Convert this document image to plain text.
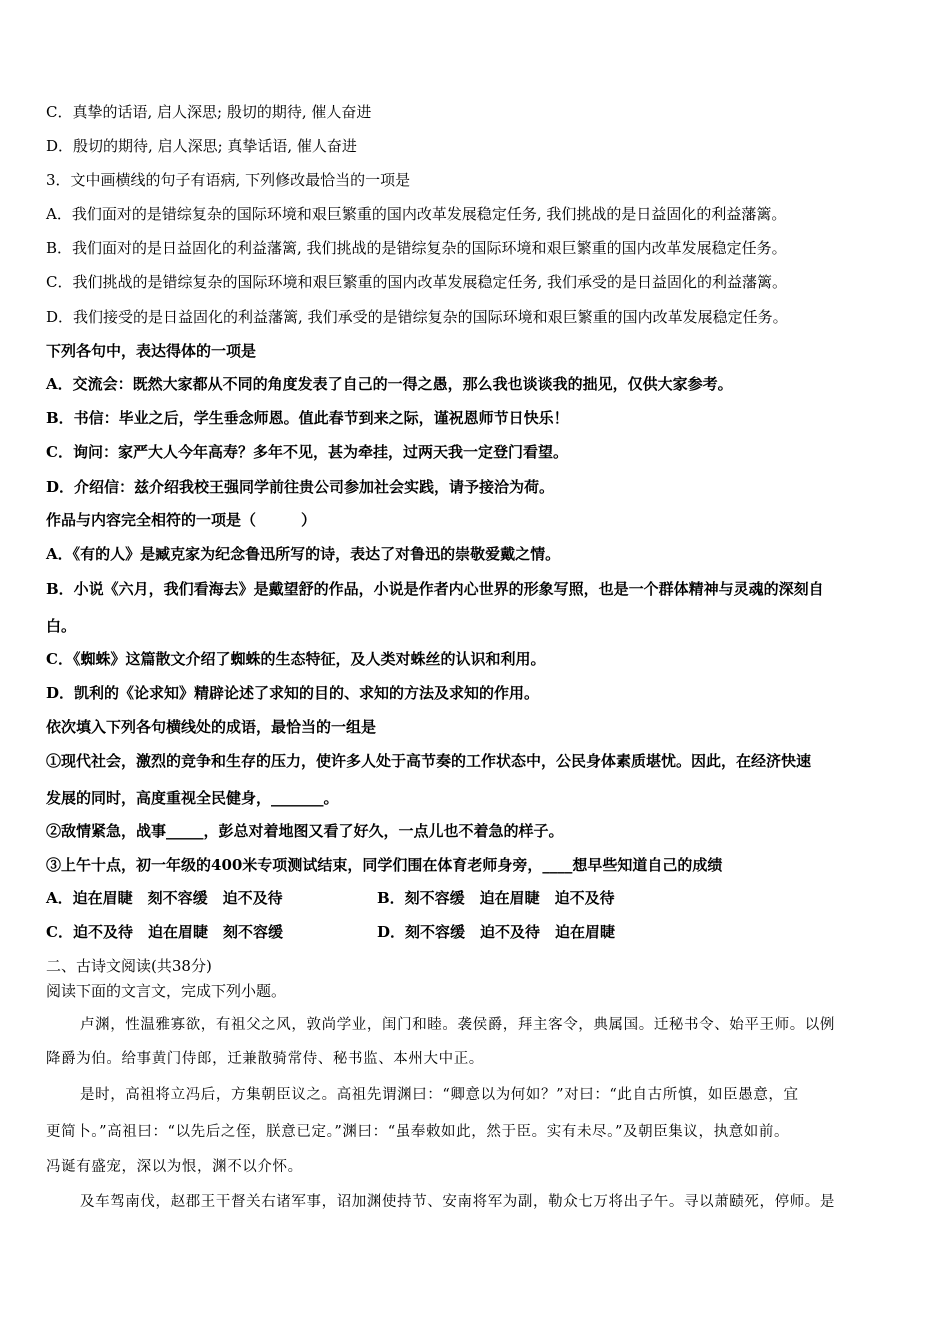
C．真挚的话语, 启人深思; 殷切的期待, 催人奋进
D．殷切的期待, 启人深思; 真挚话语, 催人奋进
3．文中画横线的句子有语病, 下列修改最恰当的一项是
A．我们面对的是错综复杂的国际环境和艰巨繁重的国内改革发展稳定任务, 我们挑战的是日益固化的利益藩篱。
B．我们面对的是日益固化的利益藩篱, 我们挑战的是错综复杂的国际环境和艰巨繁重的国内改革发展稳定任务。
C．我们挑战的是错综复杂的国际环境和艰巨繁重的国内改革发展稳定任务, 我们承受的是日益固化的利益藩篱。
D．我们接受的是日益固化的利益藩篱, 我们承受的是错综复杂的国际环境和艰巨繁重的国内改革发展稳定任务。
下列各句中，表达得体的一项是
A．交流会：既然大家都从不同的角度发表了自己的一得之愚，那么我也谈谈我的拙见，仅供大家参考。
B．书信：毕业之后，学生垂念师恩。值此春节到来之际，谨祝恩师节日快乐！
C．询问：家严大人今年高寿？多年不见，甚为牵挂，过两天我一定登门看望。
D．介绍信：兹介绍我校王强同学前往贵公司参加社会实践，请予接洽为荷。
作品与内容完全相符的一项是（　　　）
A．《有的人》是臧克家为纪念鲁迅所写的诗，表达了对鲁迅的崇敬爱戴之情。
B．小说《六月，我们看海去》是戴望舒的作品，小说是作者内心世界的形象写照，也是一个群体精神与灵魂的深刻自
白。
C．《蜘蛛》这篇散文介绍了蜘蛛的生态特征，及人类对蛛丝的认识和利用。
D．凯利的《论求知》精辟论述了求知的目的、求知的方法及求知的作用。
依次填入下列各句横线处的成语，最恰当的一组是
①现代社会，激烈的竞争和生存的压力，使许多人处于高节奏的工作状态中，公民身体素质堪忧。因此，在经济快速
发展的同时，高度重视全民健身，_______。
②敌情紧急，战事_____，彭总对着地图又看了好久，一点儿也不着急的样子。
③上午十点，初一年级的400米专项测试结束，同学们围在体育老师身旁，____想早些知道自己的成绩
A．迫在眉睫　刻不容缓　迫不及待	B．刻不容缓　迫在眉睫　迫不及待
C．迫不及待　迫在眉睫　刻不容缓	D．刻不容缓　迫不及待　迫在眉睫
二、古诗文阅读(共38分)
阅读下面的文言文，完成下列小题。
卢渊，性温雅寡欲，有祖父之风，敦尚学业，闺门和睦。袭侯爵，拜主客令，典属国。迁秘书令、始平王师。以例
降爵为伯。给事黄门侍郎，迁兼散骑常侍、秘书监、本州大中正。
是时，高祖将立冯后，方集朝臣议之。高祖先谓渊曰：“卿意以为何如？”对曰：“此自古所慎，如臣愚意，宜
更简卜。”高祖曰：“以先后之侄，朕意已定。”渊曰：“虽奉敕如此，然于臣。实有未尽。”及朝臣集议，执意如前。
冯诞有盛宠，深以为恨，渊不以介怀。
及车驾南伐，赵郡王干督关右诸军事，诏加渊使持节、安南将军为副，勒众七万将出子午。寻以萧赜死，停师。是
